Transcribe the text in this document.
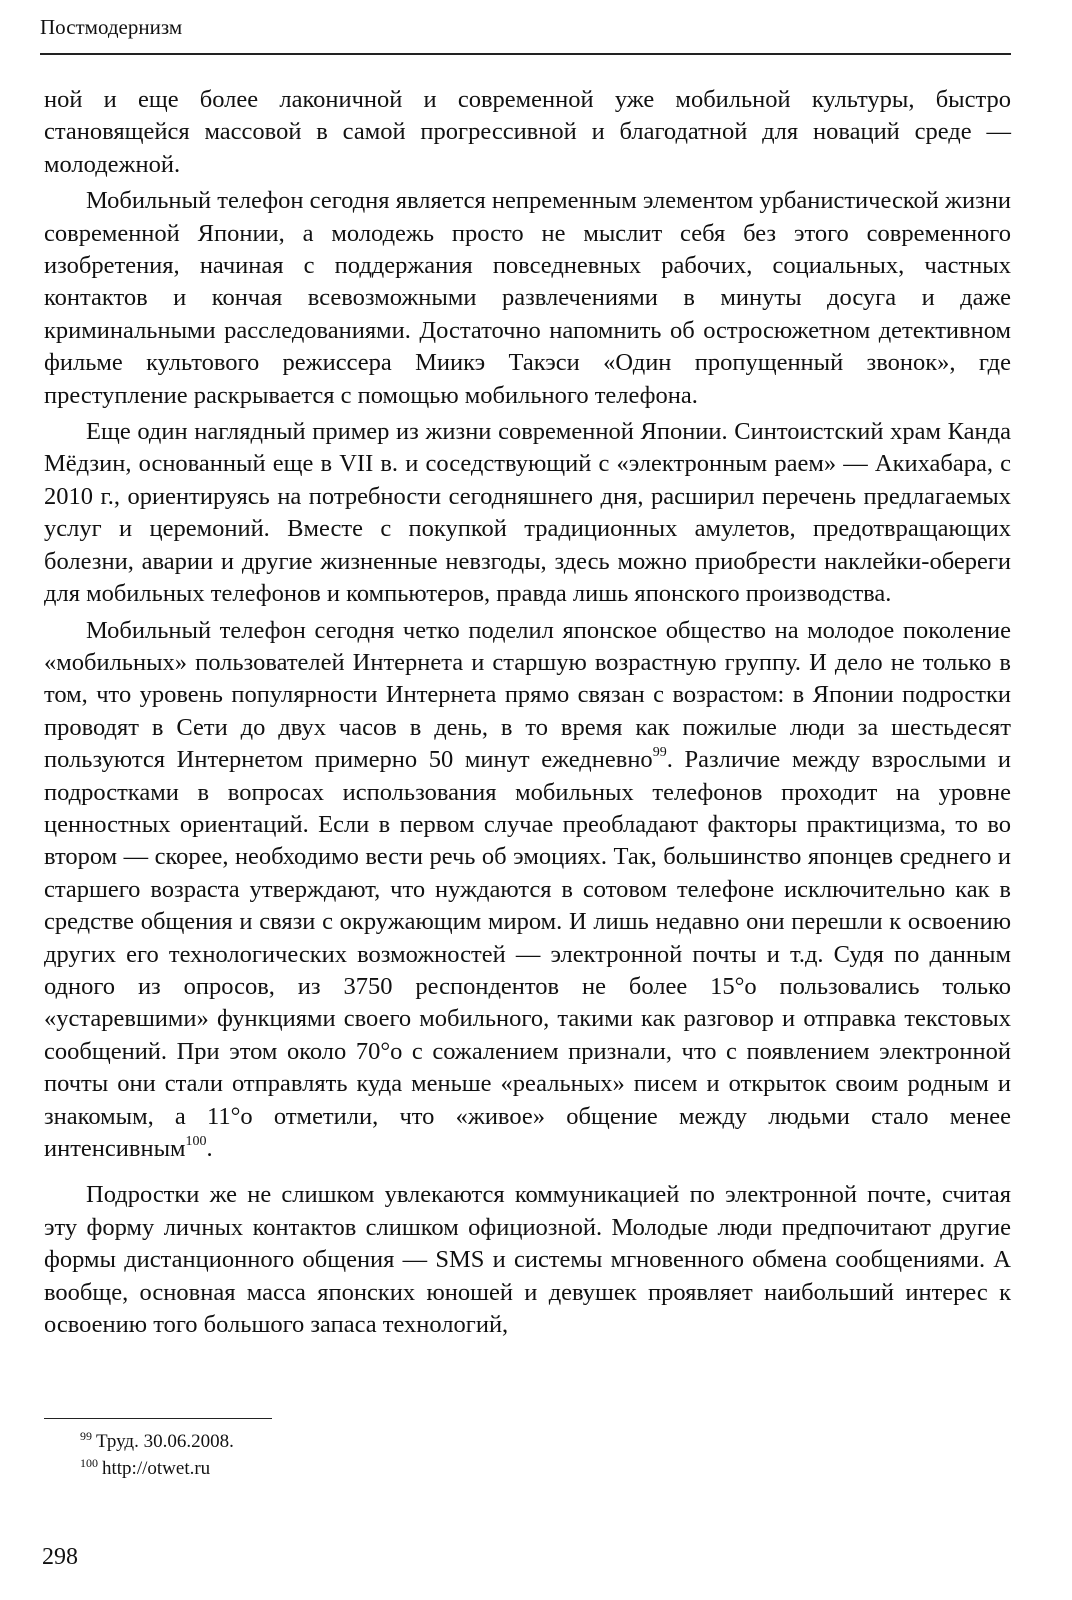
Постмодернизм

ной и еще более лаконичной и современной уже мобильной культуры, быстро становящейся массовой в самой прогрессивной и благодатной для новаций среде — молодежной.

Мобильный телефон сегодня является непременным элементом урбанистической жизни современной Японии, а молодежь просто не мыслит себя без этого современного изобретения, начиная с поддержания повседневных рабочих, социальных, частных контактов и кончая всевозможными развлечениями в минуты досуга и даже криминальными расследованиями. Достаточно напомнить об остросюжетном детективном фильме культового режиссера Миикэ Такэси «Один пропущенный звонок», где преступление раскрывается с помощью мобильного телефона.

Еще один наглядный пример из жизни современной Японии. Синтоистский храм Канда Мёдзин, основанный еще в VII в. и соседствующий с «электронным раем» — Акихабара, с 2010 г., ориентируясь на потребности сегодняшнего дня, расширил перечень предлагаемых услуг и церемоний. Вместе с покупкой традиционных амулетов, предотвращающих болезни, аварии и другие жизненные невзгоды, здесь можно приобрести наклейки-обереги для мобильных телефонов и компьютеров, правда лишь японского производства.

Мобильный телефон сегодня четко поделил японское общество на молодое поколение «мобильных» пользователей Интернета и старшую возрастную группу. И дело не только в том, что уровень популярности Интернета прямо связан с возрастом: в Японии подростки проводят в Сети до двух часов в день, в то время как пожилые люди за шестьдесят пользуются Интернетом примерно 50 минут ежедневно$^{99}$. Различие между взрослыми и подростками в вопросах использования мобильных телефонов проходит на уровне ценностных ориентаций. Если в первом случае преобладают факторы практицизма, то во втором — скорее, необходимо вести речь об эмоциях. Так, большинство японцев среднего и старшего возраста утверждают, что нуждаются в сотовом телефоне исключительно как в средстве общения и связи с окружающим миром. И лишь недавно они перешли к освоению других его технологических возможностей — электронной почты и т.д. Судя по данным одного из опросов, из 3750 респондентов не более 15°о пользовались только «устаревшими» функциями своего мобильного, такими как разговор и отправка текстовых сообщений. При этом около 70°о с сожалением признали, что с появлением электронной почты они стали отправлять куда меньше «реальных» писем и открыток своим родным и знакомым, а 11°о отметили, что «живое» общение между людьми стало менее интенсивным$^{100}$.

Подростки же не слишком увлекаются коммуникацией по электронной почте, считая эту форму личных контактов слишком официозной. Молодые люди предпочитают другие формы дистанционного общения — SMS и системы мгновенного обмена сообщениями. А вообще, основная масса японских юношей и девушек проявляет наибольший интерес к освоению того большого запаса технологий,

$^{99}$ Труд. 30.06.2008.
$^{100}$ http://otwet.ru
298
